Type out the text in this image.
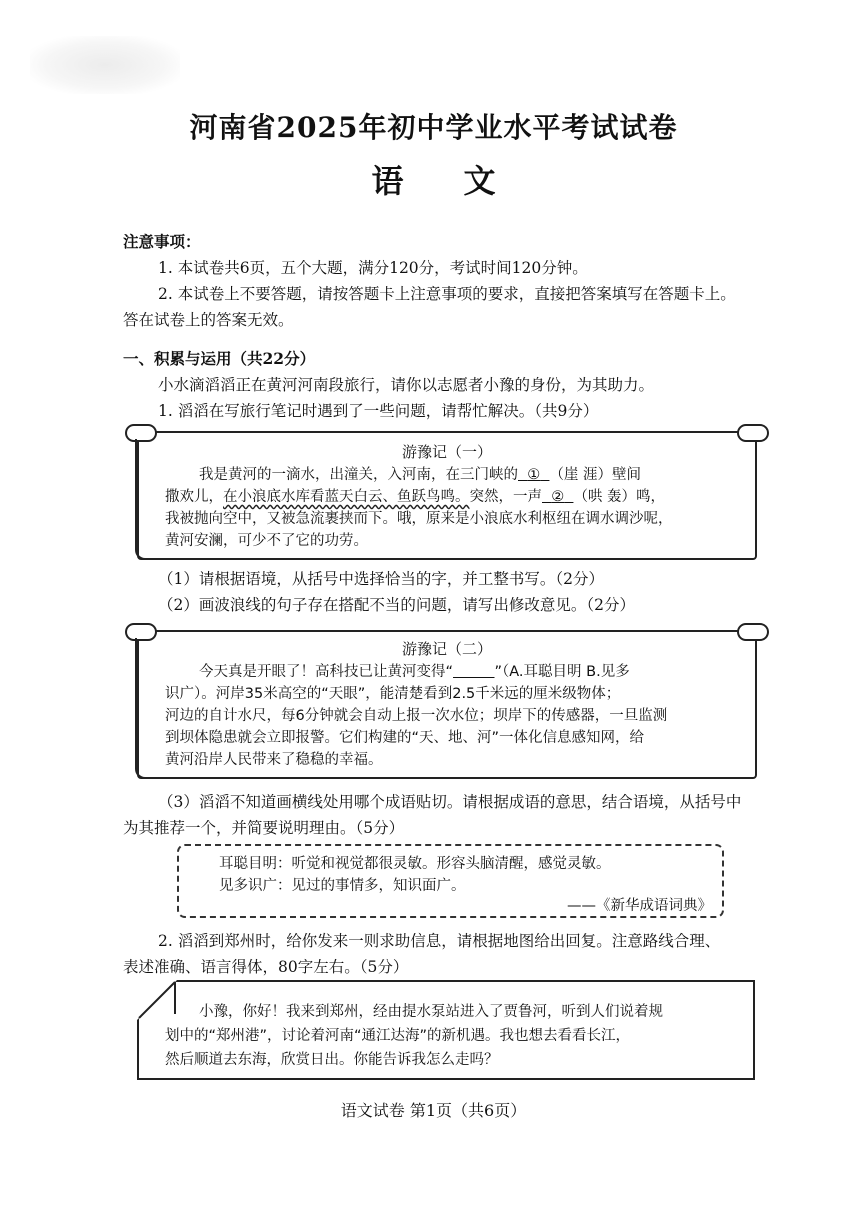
河南省2025年初中学业水平考试试卷
语文
注意事项：
1. 本试卷共6页，五个大题，满分120分，考试时间120分钟。
2. 本试卷上不要答题，请按答题卡上注意事项的要求，直接把答案填写在答题卡上。
答在试卷上的答案无效。
一、积累与运用（共22分）
小水滴滔滔正在黄河河南段旅行，请你以志愿者小豫的身份，为其助力。
1. 滔滔在写旅行笔记时遇到了一些问题，请帮忙解决。（共9分）
游豫记（一）
我是黄河的一滴水，出潼关，入河南，在三门峡的 ① （崖 涯）壁间
撒欢儿，在小浪底水库看蓝天白云、鱼跃鸟鸣。突然，一声 ② （哄 轰）鸣，
我被抛向空中，又被急流裹挟而下。哦，原来是小浪底水利枢纽在调水调沙呢，
黄河安澜，可少不了它的功劳。
（1）请根据语境，从括号中选择恰当的字，并工整书写。（2分）
（2）画波浪线的句子存在搭配不当的问题，请写出修改意见。（2分）
游豫记（二）
今天真是开眼了！高科技已让黄河变得“	”（A.耳聪目明 B.见多
识广）。河岸35米高空的“天眼”，能清楚看到2.5千米远的厘米级物体；
河边的自计水尺，每6分钟就会自动上报一次水位；坝岸下的传感器，一旦监测
到坝体隐患就会立即报警。它们构建的“天、地、河”一体化信息感知网，给
黄河沿岸人民带来了稳稳的幸福。
（3）滔滔不知道画横线处用哪个成语贴切。请根据成语的意思，结合语境，从括号中
为其推荐一个，并简要说明理由。（5分）
耳聪目明：听觉和视觉都很灵敏。形容头脑清醒，感觉灵敏。
见多识广：见过的事情多，知识面广。
——《新华成语词典》
2. 滔滔到郑州时，给你发来一则求助信息，请根据地图给出回复。注意路线合理、
表述准确、语言得体，80字左右。（5分）
小豫，你好！我来到郑州，经由提水泵站进入了贾鲁河，听到人们说着规
划中的“郑州港”，讨论着河南“通江达海”的新机遇。我也想去看看长江，
然后顺道去东海，欣赏日出。你能告诉我怎么走吗？
语文试卷 第1页（共6页）
